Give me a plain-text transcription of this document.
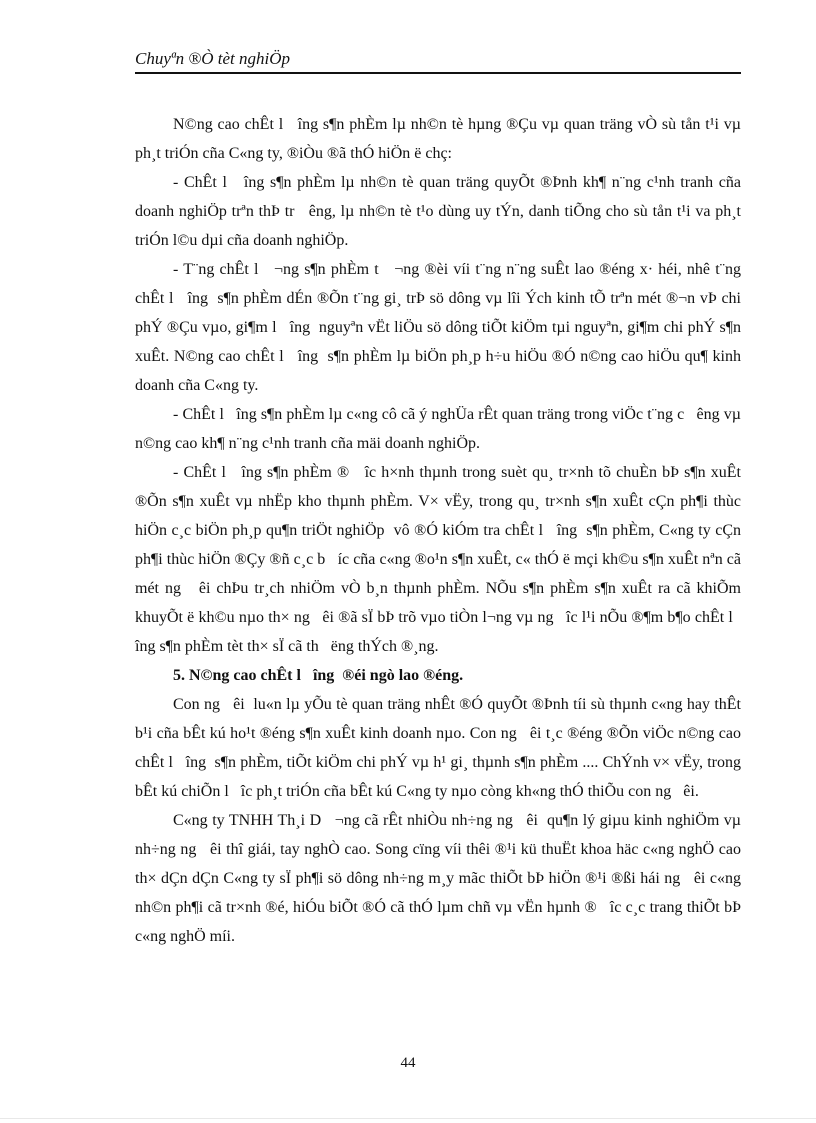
Chuyªn ®Ò tèt nghiÖp

N©ng cao chÊt l   îng s¶n phÈm lµ nh©n tè hµng ®Çu vµ quan träng vÒ sù tån t¹i vµ ph¸t triÓn cña C«ng ty, ®iÒu ®ã thÓ hiÖn ë chç:

- ChÊt l   îng s¶n phÈm lµ nh©n tè quan träng quyÕt ®Þnh kh¶ n¨ng c¹nh tranh cña doanh nghiÖp trªn thÞ tr   êng, lµ nh©n tè t¹o dùng uy tÝn, danh tiÕng cho sù tån t¹i va ph¸t triÓn l©u dµi cña doanh nghiÖp.

- T¨ng chÊt l   ¬ng s¶n phÈm t   ¬ng ®èi víi t¨ng n¨ng suÊt lao ®éng x· héi, nhê t¨ng chÊt l   îng  s¶n phÈm dÉn ®Õn t¨ng gi¸ trÞ sö dông vµ lîi Ých kinh tÕ trªn mét ®¬n vÞ chi phÝ ®Çu vµo, gi¶m l   îng  nguyªn vËt liÖu sö dông tiÕt kiÖm tµi nguyªn, gi¶m chi phÝ s¶n xuÊt. N©ng cao chÊt l   îng  s¶n phÈm lµ biÖn ph¸p h÷u hiÖu ®Ó n©ng cao hiÖu qu¶ kinh doanh cña C«ng ty.

- ChÊt l   îng s¶n phÈm lµ c«ng cô cã ý nghÜa rÊt quan träng trong viÖc t¨ng c   êng vµ n©ng cao kh¶ n¨ng c¹nh tranh cña mäi doanh nghiÖp.

- ChÊt l   îng s¶n phÈm ®   îc h×nh thµnh trong suèt qu¸ tr×nh tõ chuÈn bÞ s¶n xuÊt ®Õn s¶n xuÊt vµ nhËp kho thµnh phÈm. V× vËy, trong qu¸ tr×nh s¶n xuÊt cÇn ph¶i thùc hiÖn c¸c biÖn ph¸p qu¶n triÖt nghiÖp  vô ®Ó kiÓm tra chÊt l   îng  s¶n phÈm, C«ng ty cÇn ph¶i thùc hiÖn ®Çy ®ñ c¸c b   íc cña c«ng ®o¹n s¶n xuÊt, c« thÓ ë mçi kh©u s¶n xuÊt nªn cã mét ng   êi chÞu tr¸ch nhiÖm vÒ b¸n thµnh phÈm. NÕu s¶n phÈm s¶n xuÊt ra cã khiÕm khuyÕt ë kh©u nµo th× ng   êi ®ã sÏ bÞ trõ vµo tiÒn l¬ng vµ ng   îc l¹i nÕu ®¶m b¶o chÊt l   îng s¶n phÈm tèt th× sÏ cã th   ëng thÝch ®¸ng.

5. N©ng cao chÊt l   îng  ®éi ngò lao ®éng.

Con ng   êi  lu«n lµ yÕu tè quan träng nhÊt ®Ó quyÕt ®Þnh tíi sù thµnh c«ng hay thÊt b¹i cña bÊt kú ho¹t ®éng s¶n xuÊt kinh doanh nµo. Con ng   êi t¸c ®éng ®Õn viÖc n©ng cao chÊt l   îng  s¶n phÈm, tiÕt kiÖm chi phÝ vµ h¹ gi¸ thµnh s¶n phÈm .... ChÝnh v× vËy, trong bÊt kú chiÕn l   îc ph¸t triÓn cña bÊt kú C«ng ty nµo còng kh«ng thÓ thiÕu con ng   êi.

C«ng ty TNHH Th¸i D   ¬ng cã rÊt nhiÒu nh÷ng ng   êi  qu¶n lý giµu kinh nghiÖm vµ nh÷ng ng   êi thî giái, tay nghÒ cao. Song cïng víi thêi ®¹i kü thuËt khoa häc c«ng nghÖ cao th× dÇn dÇn C«ng ty sÏ ph¶i sö dông nh÷ng m¸y mãc thiÕt bÞ hiÖn ®¹i ®ßi hái ng   êi c«ng nh©n ph¶i cã tr×nh ®é, hiÓu biÕt ®Ó cã thÓ lµm chñ vµ vËn hµnh ®   îc c¸c trang thiÕt bÞ c«ng nghÖ míi.

44
